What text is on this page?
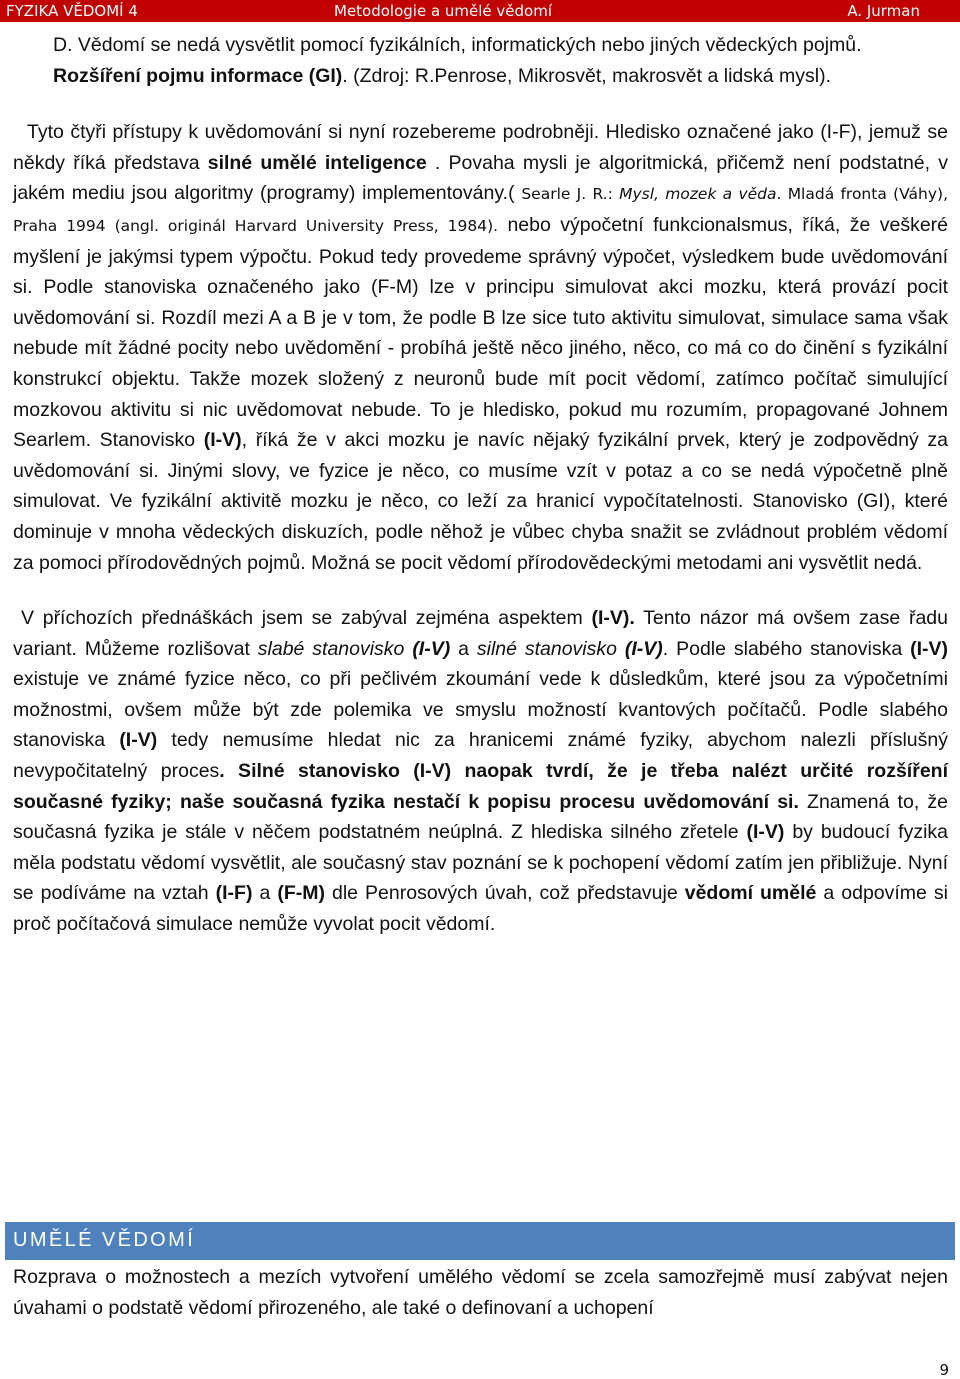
FYZIKA VĚDOMÍ 4	Metodologie a umělé vědomí	A. Jurman

D. Vědomí se nedá vysvětlit pomocí fyzikálních, informatických nebo jiných vědeckých pojmů. Rozšíření pojmu informace (GI). (Zdroj: R.Penrose, Mikrosvět, makrosvět a lidská mysl).

Tyto čtyři přístupy k uvědomování si nyní rozebereme podrobněji. Hledisko označené jako (I-F), jemuž se někdy říká představa silné umělé inteligence . Povaha mysli je algoritmická, přičemž není podstatné, v jakém mediu jsou algoritmy (programy) implementovány.( Searle J. R.: Mysl, mozek a věda. Mladá fronta (Váhy), Praha 1994 (angl. originál Harvard University Press, 1984). nebo výpočetní funkcionalsmus, říká, že veškeré myšlení je jakýmsi typem výpočtu. Pokud tedy provedeme správný výpočet, výsledkem bude uvědomování si. Podle stanoviska označeného jako (F-M) lze v principu simulovat akci mozku, která provází pocit uvědomování si. Rozdíl mezi A a B je v tom, že podle B lze sice tuto aktivitu simulovat, simulace sama však nebude mít žádné pocity nebo uvědomění - probíhá ještě něco jiného, něco, co má co do činění s fyzikální konstrukcí objektu. Takže mozek složený z neuronů bude mít pocit vědomí, zatímco počítač simulující mozkovou aktivitu si nic uvědomovat nebude. To je hledisko, pokud mu rozumím, propagované Johnem Searlem. Stanovisko (I-V), říká že v akci mozku je navíc nějaký fyzikální prvek, který je zodpovědný za uvědomování si. Jinými slovy, ve fyzice je něco, co musíme vzít v potaz a co se nedá výpočetně plně simulovat. Ve fyzikální aktivitě mozku je něco, co leží za hranicí vypočítatelnosti. Stanovisko (GI), které dominuje v mnoha vědeckých diskuzích, podle něhož je vůbec chyba snažit se zvládnout problém vědomí za pomoci přírodovědných pojmů. Možná se pocit vědomí přírodovědeckými metodami ani vysvětlit nedá.

V příchozích přednáškách jsem se zabýval zejména aspektem (I-V). Tento názor má ovšem zase řadu variant. Můžeme rozlišovat slabé stanovisko (I-V) a silné stanovisko (I-V). Podle slabého stanoviska (I-V) existuje ve známé fyzice něco, co při pečlivém zkoumání vede k důsledkům, které jsou za výpočetními možnostmi, ovšem může být zde polemika ve smyslu možností kvantových počítačů. Podle slabého stanoviska (I-V) tedy nemusíme hledat nic za hranicemi známé fyziky, abychom nalezli příslušný nevypočitatelný proces. Silné stanovisko (I-V) naopak tvrdí, že je třeba nalézt určité rozšíření současné fyziky; naše současná fyzika nestačí k popisu procesu uvědomování si. Znamená to, že současná fyzika je stále v něčem podstatném neúplná. Z hlediska silného zřetele (I-V) by budoucí fyzika měla podstatu vědomí vysvětlit, ale současný stav poznání se k pochopení vědomí zatím jen přibližuje. Nyní se podíváme na vztah (I-F) a (F-M) dle Penrosových úvah, což představuje vědomí umělé a odpovíme si proč počítačová simulace nemůže vyvolat pocit vědomí.

UMĚLÉ VĚDOMÍ

Rozprava o možnostech a mezích vytvoření umělého vědomí se zcela samozřejmě musí zabývat nejen úvahami o podstatě vědomí přirozeného, ale také o definovaní a uchopení

9
